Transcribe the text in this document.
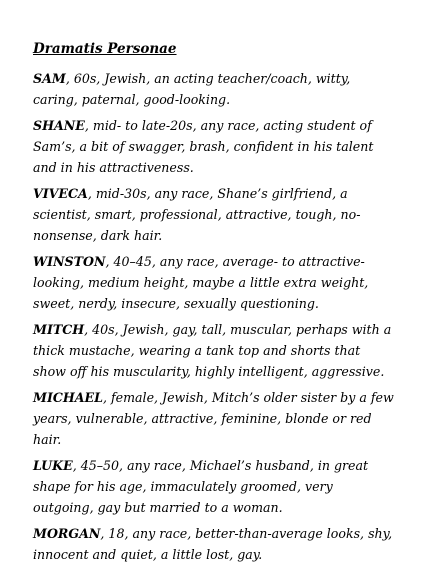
Dramatis Personae

SAM, 60s, Jewish, an acting teacher/coach, witty, caring, paternal, good-looking.

SHANE, mid- to late-20s, any race, acting student of Sam’s, a bit of swagger, brash, confident in his talent and in his attractiveness.

VIVECA, mid-30s, any race, Shane’s girlfriend, a scientist, smart, professional, attractive, tough, no-nonsense, dark hair.

WINSTON, 40–45, any race, average- to attractive-looking, medium height, maybe a little extra weight, sweet, nerdy, insecure, sexually questioning.

MITCH, 40s, Jewish, gay, tall, muscular, perhaps with a thick mustache, wearing a tank top and shorts that show off his muscularity, highly intelligent, aggressive.

MICHAEL, female, Jewish, Mitch’s older sister by a few years, vulnerable, attractive, feminine, blonde or red hair.

LUKE, 45–50, any race, Michael’s husband, in great shape for his age, immaculately groomed, very outgoing, gay but married to a woman.

MORGAN, 18, any race, better-than-average looks, shy, innocent and quiet, a little lost, gay.
